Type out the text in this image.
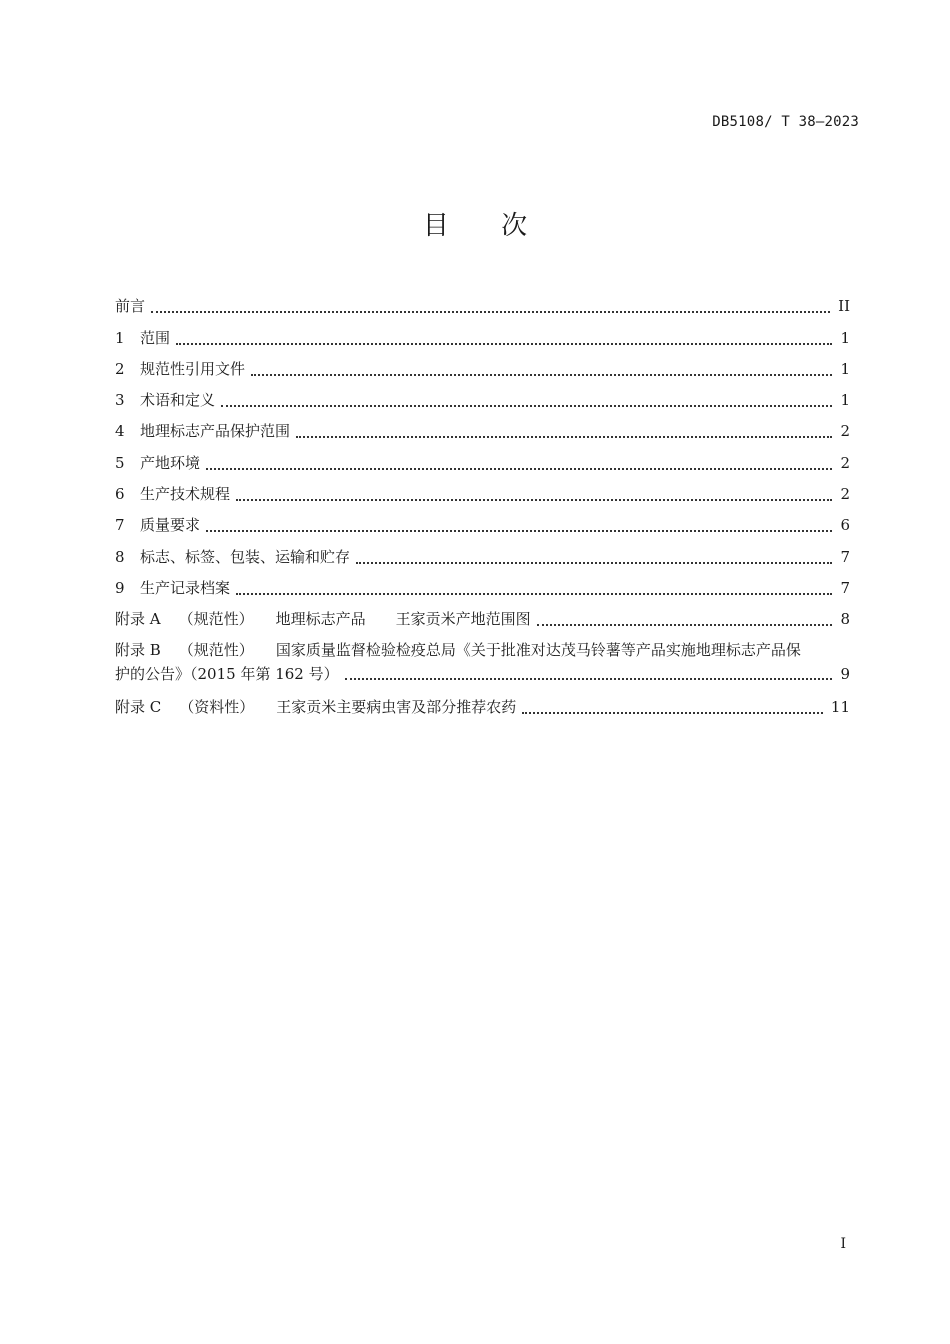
DB5108/ T 38—2023
目 次
前言	II
1	范围	1
2	规范性引用文件	1
3	术语和定义	1
4	地理标志产品保护范围	2
5	产地环境	2
6	生产技术规程	2
7	质量要求	6
8	标志、标签、包装、运输和贮存	7
9	生产记录档案	7
附录 A （规范性） 地理标志产品　　王家贡米产地范围图	8
附录 B （规范性） 国家质量监督检验检疫总局《关于批准对达茂马铃薯等产品实施地理标志产品保
护的公告》（2015 年第 162 号）	9
附录 C （资料性） 王家贡米主要病虫害及部分推荐农药	11
I
